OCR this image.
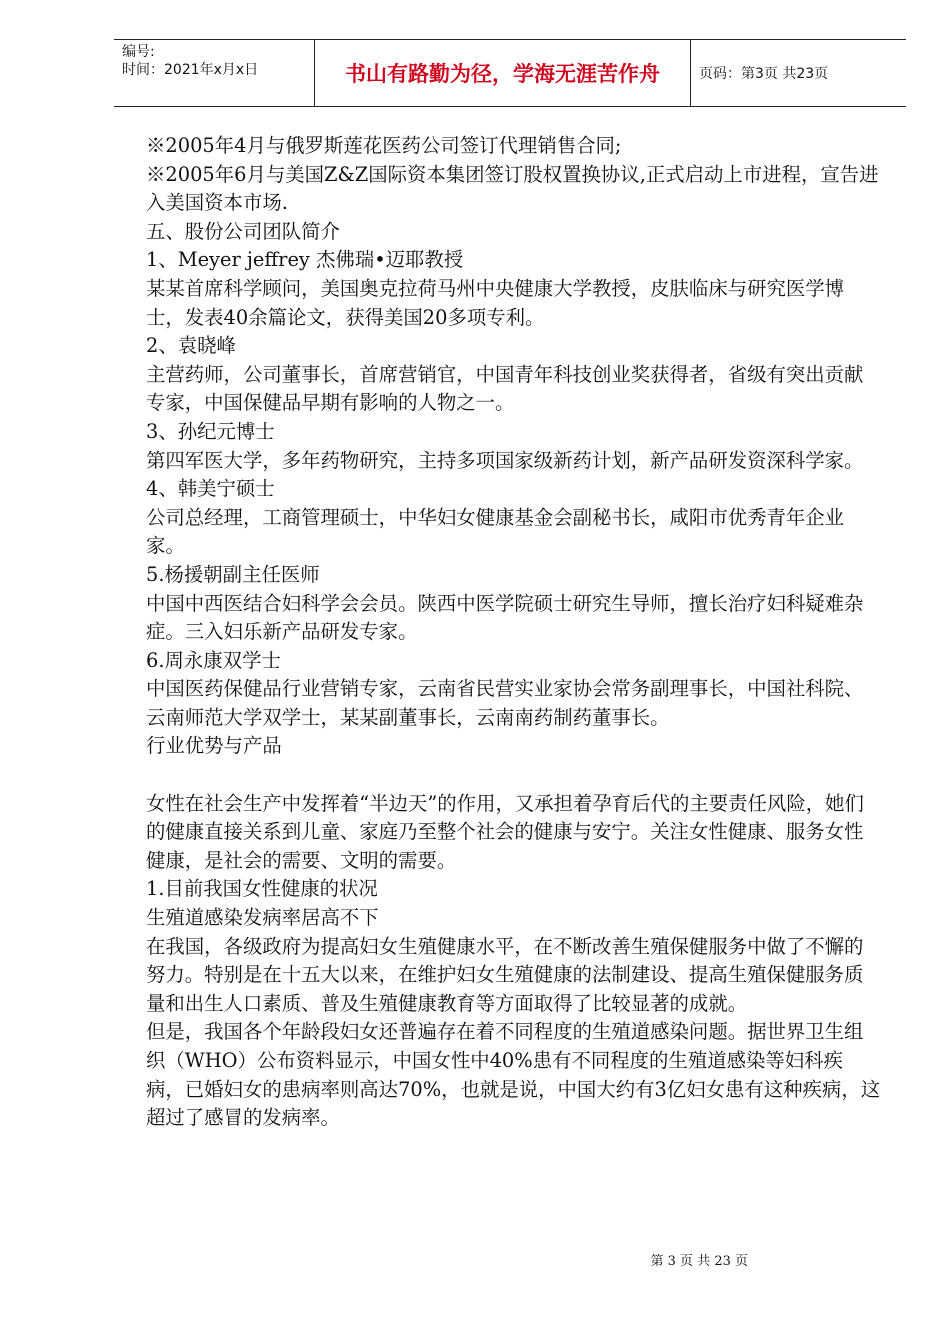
编号:
时间：2021年x月x日	书山有路勤为径，学海无涯苦作舟	页码：第3页 共23页

※2005年4月与俄罗斯莲花医药公司签订代理销售合同;

※2005年6月与美国Z&Z国际资本集团签订股权置换协议,正式启动上市进程，宣告进入美国资本市场.

五、股份公司团队简介

1、Meyer jeffrey 杰佛瑞•迈耶教授

某某首席科学顾问，美国奥克拉荷马州中央健康大学教授，皮肤临床与研究医学博士，发表40余篇论文，获得美国20多项专利。

2、袁晓峰

主营药师，公司董事长，首席营销官，中国青年科技创业奖获得者，省级有突出贡献专家，中国保健品早期有影响的人物之一。

3、孙纪元博士

第四军医大学，多年药物研究，主持多项国家级新药计划，新产品研发资深科学家。

4、韩美宁硕士

公司总经理，工商管理硕士，中华妇女健康基金会副秘书长，咸阳市优秀青年企业家。

5.杨援朝副主任医师

中国中西医结合妇科学会会员。陕西中医学院硕士研究生导师，擅长治疗妇科疑难杂症。三入妇乐新产品研发专家。

6.周永康双学士

中国医药保健品行业营销专家，云南省民营实业家协会常务副理事长，中国社科院、云南师范大学双学士，某某副董事长，云南南药制药董事长。

行业优势与产品

女性在社会生产中发挥着“半边天”的作用，又承担着孕育后代的主要责任风险，她们的健康直接关系到儿童、家庭乃至整个社会的健康与安宁。关注女性健康、服务女性健康，是社会的需要、文明的需要。

1.目前我国女性健康的状况

生殖道感染发病率居高不下

在我国，各级政府为提高妇女生殖健康水平，在不断改善生殖保健服务中做了不懈的努力。特别是在十五大以来，在维护妇女生殖健康的法制建设、提高生殖保健服务质量和出生人口素质、普及生殖健康教育等方面取得了比较显著的成就。

但是，我国各个年龄段妇女还普遍存在着不同程度的生殖道感染问题。据世界卫生组织（WHO）公布资料显示，中国女性中40%患有不同程度的生殖道感染等妇科疾病，已婚妇女的患病率则高达70%，也就是说，中国大约有3亿妇女患有这种疾病，这超过了感冒的发病率。

第 3 页 共 23 页
